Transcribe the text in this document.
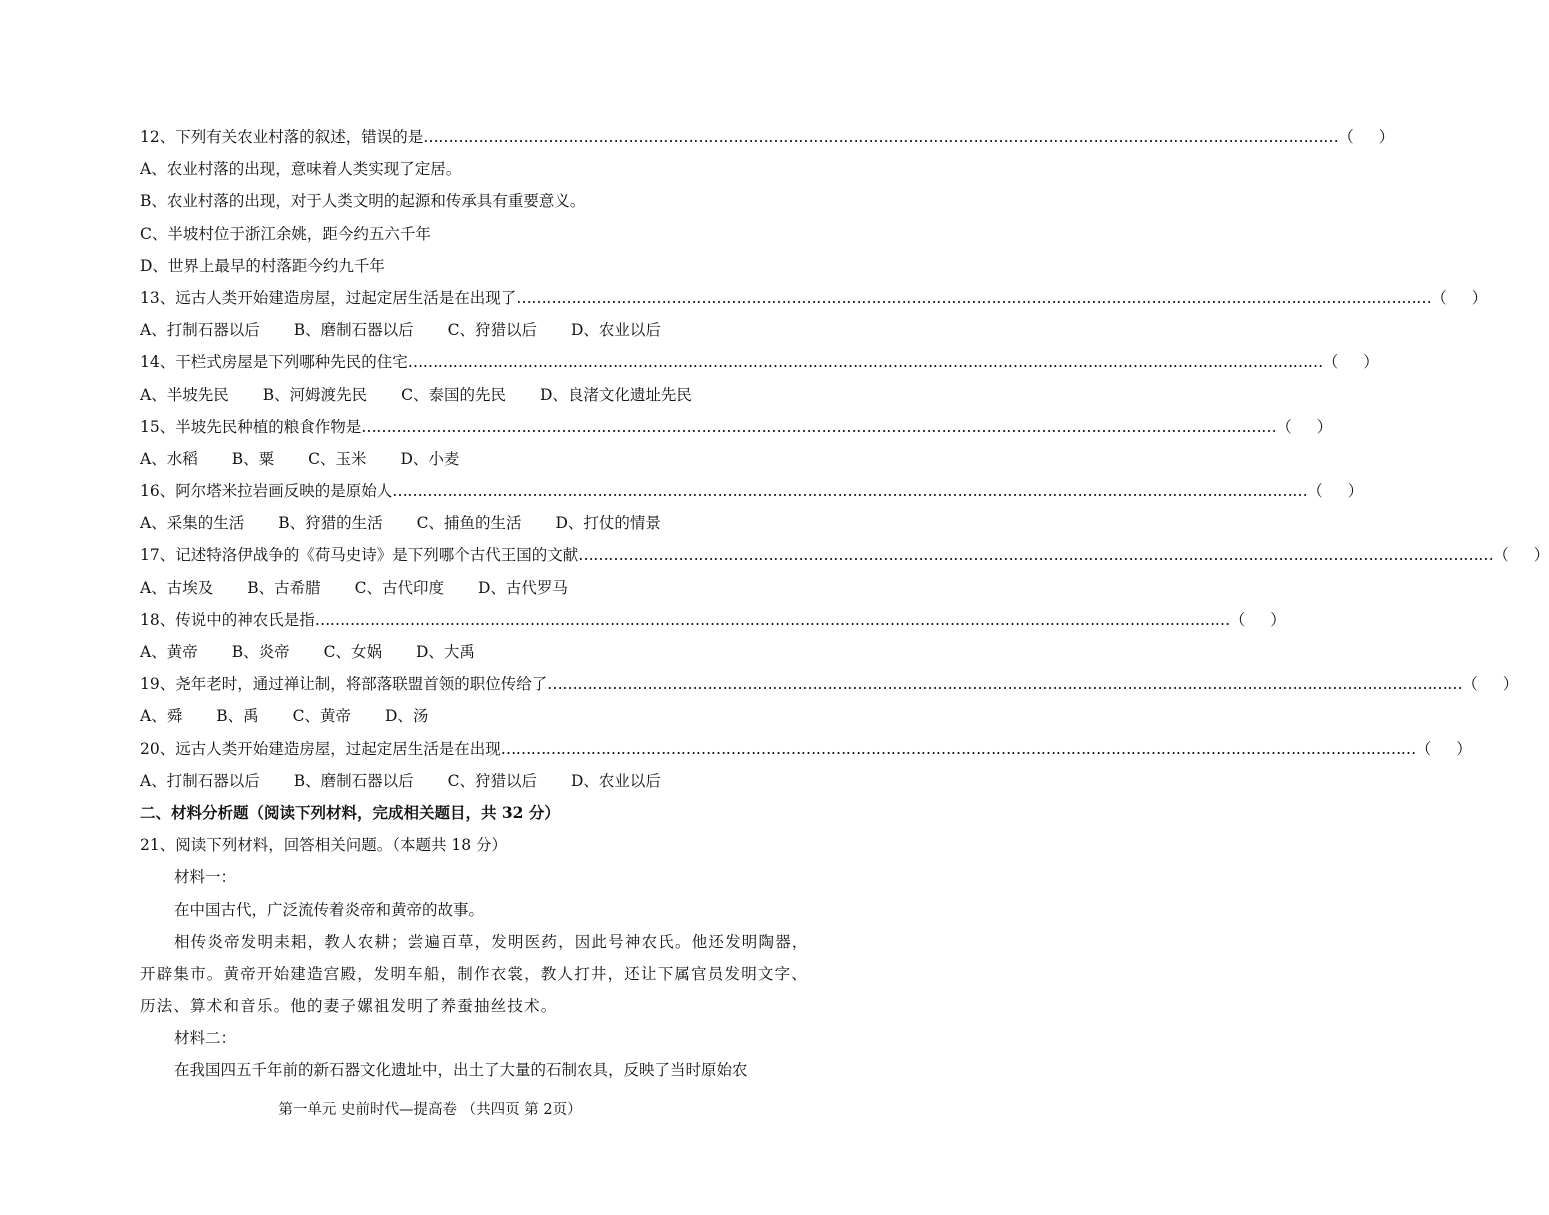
12、下列有关农业村落的叙述，错误的是 ………………………………………………………………………………………………………………………………………………………………… （ ）
A、农业村落的出现，意味着人类实现了定居。
B、农业村落的出现，对于人类文明的起源和传承具有重要意义。
C、半坡村位于浙江余姚，距今约五六千年
D、世界上最早的村落距今约九千年
13、远古人类开始建造房屋，过起定居生活是在出现了 ………………………………………………………………………………………………………………………………………………………………… （ ）
A、打制石器以后 B、磨制石器以后 C、狩猎以后 D、农业以后
14、干栏式房屋是下列哪种先民的住宅 ………………………………………………………………………………………………………………………………………………………………… （ ）
A、半坡先民 B、河姆渡先民 C、泰国的先民 D、良渚文化遗址先民
15、半坡先民种植的粮食作物是 ………………………………………………………………………………………………………………………………………………………………… （ ）
A、水稻 B、粟 C、玉米 D、小麦
16、阿尔塔米拉岩画反映的是原始人 ………………………………………………………………………………………………………………………………………………………………… （ ）
A、采集的生活 B、狩猎的生活 C、捕鱼的生活 D、打仗的情景
17、记述特洛伊战争的《荷马史诗》是下列哪个古代王国的文献 ………………………………………………………………………………………………………………………………………………………………… （ ）
A、古埃及 B、古希腊 C、古代印度 D、古代罗马
18、传说中的神农氏是指 ………………………………………………………………………………………………………………………………………………………………… （ ）
A、黄帝 B、炎帝 C、女娲 D、大禹
19、尧年老时，通过禅让制，将部落联盟首领的职位传给了 ………………………………………………………………………………………………………………………………………………………………… （ ）
A、舜 B、禹 C、黄帝 D、汤
20、远古人类开始建造房屋，过起定居生活是在出现 ………………………………………………………………………………………………………………………………………………………………… （ ）
A、打制石器以后 B、磨制石器以后 C、狩猎以后 D、农业以后
二、材料分析题（阅读下列材料，完成相关题目，共 32 分）
21、阅读下列材料，回答相关问题。（本题共 18 分）
材料一：
在中国古代，广泛流传着炎帝和黄帝的故事。
相传炎帝发明耒耜，教人农耕；尝遍百草，发明医药，因此号神农氏。他还发明陶器，开辟集市。黄帝开始建造宫殿，发明车船，制作衣裳，教人打井，还让下属官员发明文字、历法、算术和音乐。他的妻子嫘祖发明了养蚕抽丝技术。
材料二：
在我国四五千年前的新石器文化遗址中，出土了大量的石制农具，反映了当时原始农
第一单元 史前时代—提高卷 （共四页 第 2页）
